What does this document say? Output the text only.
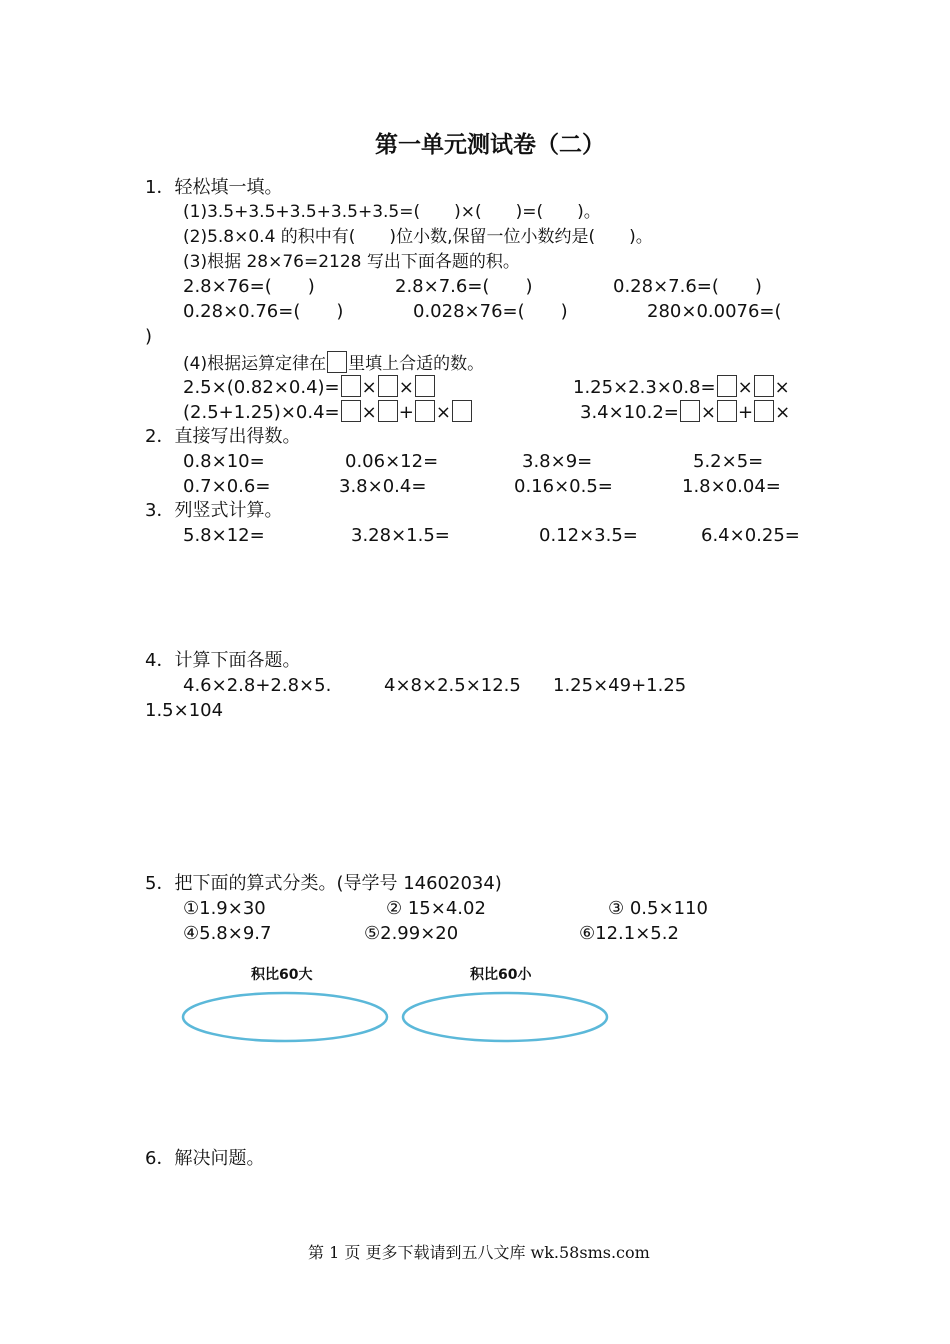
第一单元测试卷（二）
1．轻松填一填。
(1)3.5+3.5+3.5+3.5+3.5=(　　)×(　　)=(　　)。
(2)5.8×0.4 的积中有(　　)位小数,保留一位小数约是(　　)。
(3)根据 28×76=2128 写出下面各题的积。
2.8×76=(　　)	2.8×7.6=(　　)	0.28×7.6=(　　)
0.28×0.76=(　　)	0.028×76=(　　)	280×0.0076=(
)
(4)根据运算定律在 里填上合适的数。
2.5×(0.82×0.4)= × ×	1.25×2.3×0.8= × ×
(2.5+1.25)×0.4= × + ×	3.4×10.2= × + ×
2．直接写出得数。
0.8×10=	0.06×12=	3.8×9=	5.2×5=
0.7×0.6=	3.8×0.4=	0.16×0.5=	1.8×0.04=
3．列竖式计算。
5.8×12=	3.28×1.5=	0.12×3.5=	6.4×0.25=
4．计算下面各题。
4.6×2.8+2.8×5.	4×8×2.5×12.5 1.25×49+1.25
1.5×104
5．把下面的算式分类。(导学号 14602034)
①1.9×30	② 15×4.02	③ 0.5×110
④5.8×9.7	⑤2.99×20	⑥12.1×5.2
积比60大	积比60小
6．解决问题。
第 1 页 更多下载请到五八文库 wk.58sms.com
